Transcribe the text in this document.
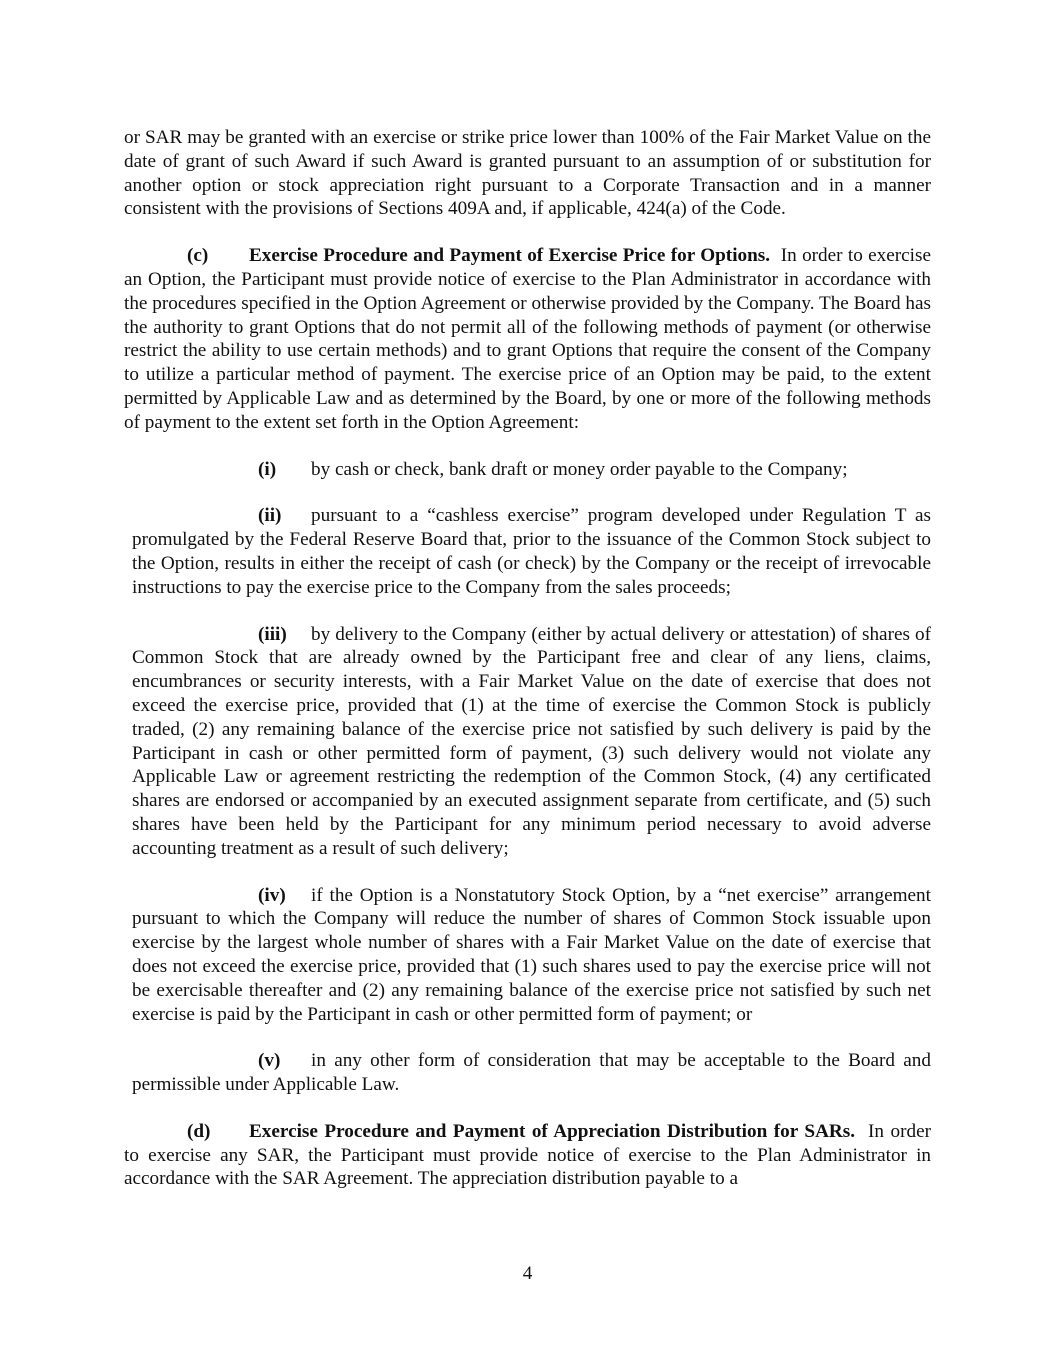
or SAR may be granted with an exercise or strike price lower than 100% of the Fair Market Value on the date of grant of such Award if such Award is granted pursuant to an assumption of or substitution for another option or stock appreciation right pursuant to a Corporate Transaction and in a manner consistent with the provisions of Sections 409A and, if applicable, 424(a) of the Code.

(c) Exercise Procedure and Payment of Exercise Price for Options. In order to exercise an Option, the Participant must provide notice of exercise to the Plan Administrator in accordance with the procedures specified in the Option Agreement or otherwise provided by the Company. The Board has the authority to grant Options that do not permit all of the following methods of payment (or otherwise restrict the ability to use certain methods) and to grant Options that require the consent of the Company to utilize a particular method of payment. The exercise price of an Option may be paid, to the extent permitted by Applicable Law and as determined by the Board, by one or more of the following methods of payment to the extent set forth in the Option Agreement:

(i) by cash or check, bank draft or money order payable to the Company;

(ii) pursuant to a “cashless exercise” program developed under Regulation T as promulgated by the Federal Reserve Board that, prior to the issuance of the Common Stock subject to the Option, results in either the receipt of cash (or check) by the Company or the receipt of irrevocable instructions to pay the exercise price to the Company from the sales proceeds;

(iii) by delivery to the Company (either by actual delivery or attestation) of shares of Common Stock that are already owned by the Participant free and clear of any liens, claims, encumbrances or security interests, with a Fair Market Value on the date of exercise that does not exceed the exercise price, provided that (1) at the time of exercise the Common Stock is publicly traded, (2) any remaining balance of the exercise price not satisfied by such delivery is paid by the Participant in cash or other permitted form of payment, (3) such delivery would not violate any Applicable Law or agreement restricting the redemption of the Common Stock, (4) any certificated shares are endorsed or accompanied by an executed assignment separate from certificate, and (5) such shares have been held by the Participant for any minimum period necessary to avoid adverse accounting treatment as a result of such delivery;

(iv) if the Option is a Nonstatutory Stock Option, by a “net exercise” arrangement pursuant to which the Company will reduce the number of shares of Common Stock issuable upon exercise by the largest whole number of shares with a Fair Market Value on the date of exercise that does not exceed the exercise price, provided that (1) such shares used to pay the exercise price will not be exercisable thereafter and (2) any remaining balance of the exercise price not satisfied by such net exercise is paid by the Participant in cash or other permitted form of payment; or

(v) in any other form of consideration that may be acceptable to the Board and permissible under Applicable Law.

(d) Exercise Procedure and Payment of Appreciation Distribution for SARs. In order to exercise any SAR, the Participant must provide notice of exercise to the Plan Administrator in accordance with the SAR Agreement. The appreciation distribution payable to a

4
